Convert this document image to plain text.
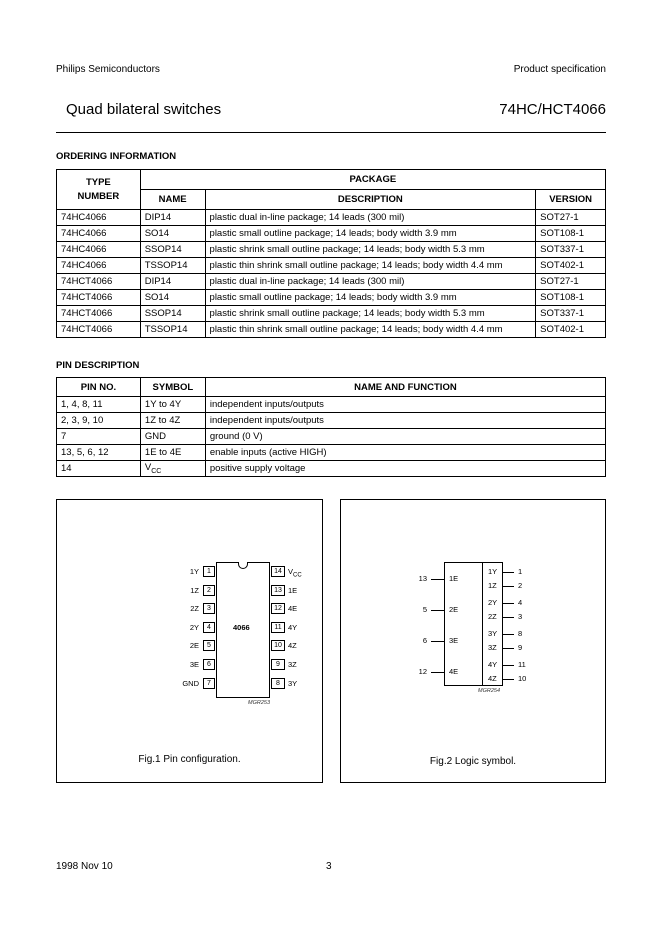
Philips Semiconductors	Product specification
Quad bilateral switches	74HC/HCT4066
ORDERING INFORMATION
TYPE
NUMBER	PACKAGE		
	NAME	DESCRIPTION	VERSION
74HC4066	DIP14	plastic dual in-line package; 14 leads (300 mil)	SOT27-1
74HC4066	SO14	plastic small outline package; 14 leads; body width 3.9 mm	SOT108-1
74HC4066	SSOP14	plastic shrink small outline package; 14 leads; body width 5.3 mm	SOT337-1
74HC4066	TSSOP14	plastic thin shrink small outline package; 14 leads; body width 4.4 mm	SOT402-1
74HCT4066	DIP14	plastic dual in-line package; 14 leads (300 mil)	SOT27-1
74HCT4066	SO14	plastic small outline package; 14 leads; body width 3.9 mm	SOT108-1
74HCT4066	SSOP14	plastic shrink small outline package; 14 leads; body width 5.3 mm	SOT337-1
74HCT4066	TSSOP14	plastic thin shrink small outline package; 14 leads; body width 4.4 mm	SOT402-1
PIN DESCRIPTION
PIN NO.	SYMBOL	NAME AND FUNCTION
1, 4, 8, 11	1Y to 4Y	independent inputs/outputs
2, 3, 9, 10	1Z to 4Z	independent inputs/outputs
7	GND	ground (0 V)
13, 5, 6, 12	1E to 4E	enable inputs (active HIGH)
14	$V_{CC}$	positive supply voltage
4066
1
1Y
2
1Z
3
2Z
4
2Y
5
2E
6
3E
7
GND
14 $V_{CC}$
13 1E
12 4E
11 4Y
10 4Z
9	3Z
8	3Y
MGR253
Fig.1 Pin configuration.
13	1E
1Y
1Z
1
2
5	2E
2Y
2Z
4
3
6	3E
3Y
3Z
8
9
12	4E
4Y
4Z
11
10
MGR254
Fig.2 Logic symbol.
1998 Nov 10	3
